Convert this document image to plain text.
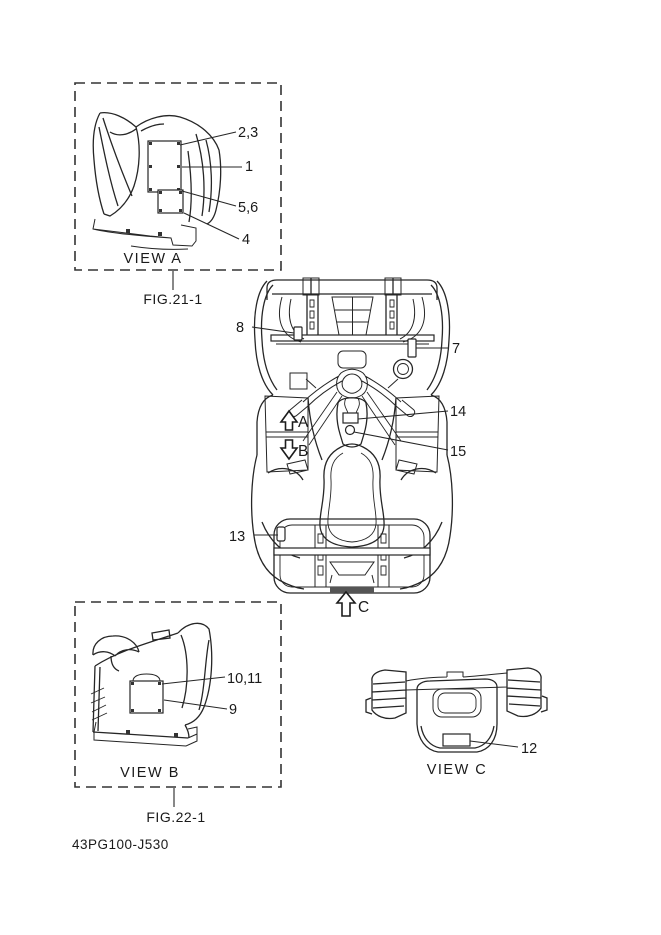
2,3
1
5,6
4
VIEW A
FIG.21-1
8
7
14
15
13
A
B
C
10,11
9
VIEW B
FIG.22-1
12
VIEW C
43PG100-J530
